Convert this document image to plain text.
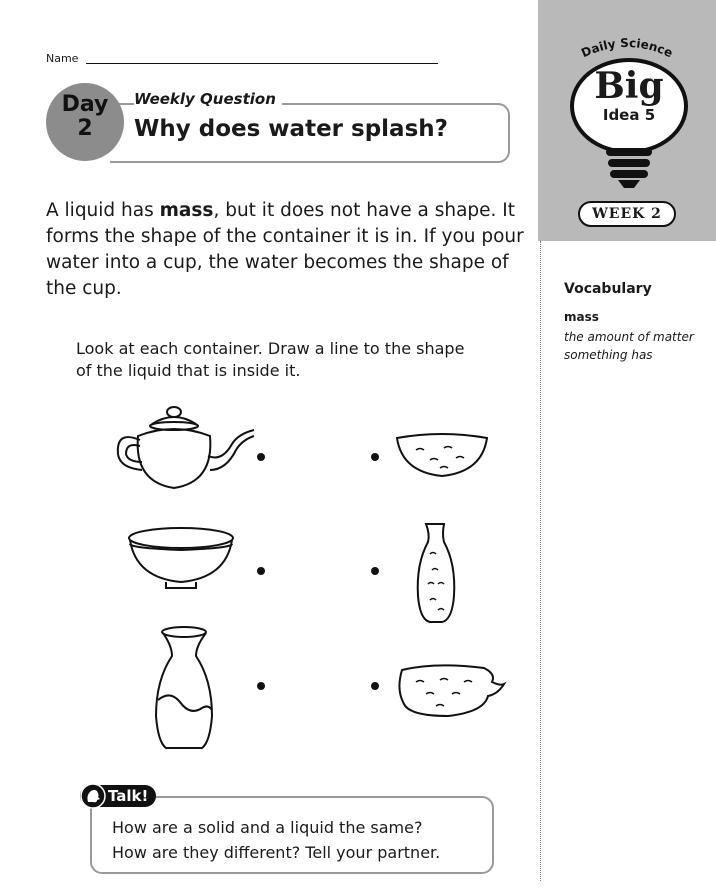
Name
Day
2
Weekly Question
Why does water splash?
Daily Science
Big
Idea 5
WEEK 2
Vocabulary
mass
the amount of matter something has
A liquid has mass, but it does not have a shape. It forms the shape of the container it is in. If you pour water into a cup, the water becomes the shape of the cup.
Look at each container. Draw a line to the shape of the liquid that is inside it.
Talk!
How are a solid and a liquid the same?
How are they different? Tell your partner.
